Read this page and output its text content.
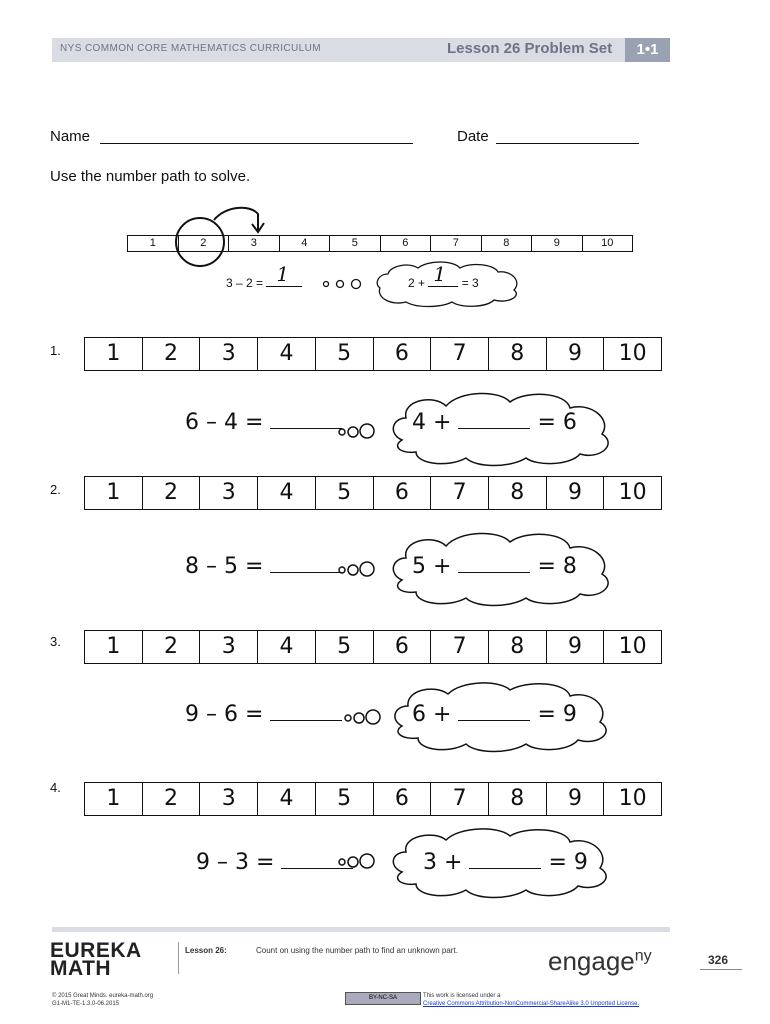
NYS COMMON CORE MATHEMATICS CURRICULUM	Lesson 26 Problem Set	1•1
Name	Date
Use the number path to solve.
1	2	3	4	5	6	7	8	9	10
3 – 2 = 1	2 + 1 = 3
1.	1	2	3	4	5	6	7	8	9	10
6 – 4 =	4 +	= 6
2.	1	2	3	4	5	6	7	8	9	10
8 – 5 =	5 +	= 8
3.	1	2	3	4	5	6	7	8	9	10
9 – 6 =	6 +	= 9
4.	1	2	3	4	5	6	7	8	9	10
9 – 3 =	3 +	= 9
EUREKA
MATH
Lesson 26:	Count on using the number path to find an unknown part.	engage$^{ny}$	326
© 2015 Great Minds. eureka-math.org
G1-M1-TE-1.3.0-06.2015
BY-NC-SA	This work is licensed under a
Creative Commons Attribution-NonCommercial-ShareAlike 3.0 Unported License.
